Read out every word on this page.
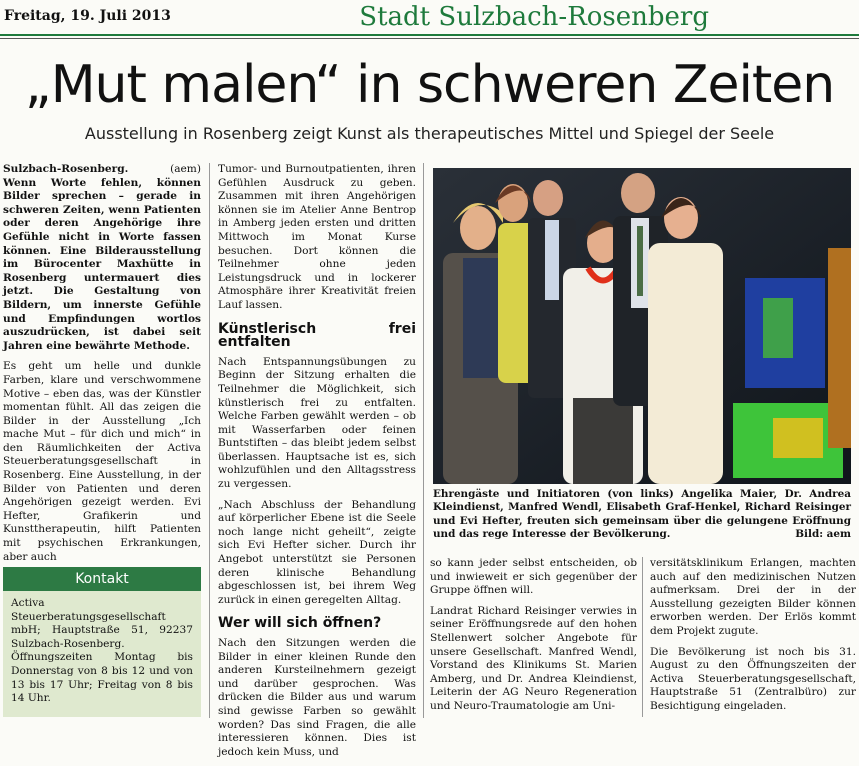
Freitag, 19. Juli 2013	Stadt Sulzbach-Rosenberg
„Mut malen“ in schweren Zeiten
Ausstellung in Rosenberg zeigt Kunst als therapeutisches Mittel und Spiegel der Seele

Sulzbach-Rosenberg.	(aem)

Wenn Worte fehlen, können Bilder sprechen – gerade in schweren Zeiten, wenn Patienten oder deren Angehörige ihre Gefühle nicht in Worte fassen können. Eine Bilderausstellung im Bürocenter Maxhütte in Rosenberg untermauert dies jetzt. Die Gestaltung von Bildern, um innerste Gefühle und Empfindungen wortlos auszudrücken, ist dabei seit Jahren eine bewährte Methode.

Es geht um helle und dunkle Farben, klare und verschwommene Motive – eben das, was der Künstler momentan fühlt. All das zeigen die Bilder in der Ausstellung „Ich mache Mut – für dich und mich“ in den Räumlichkeiten der Activa Steuerberatungsgesellschaft in Rosenberg. Eine Ausstellung, in der Bilder von Patienten und deren Angehörigen gezeigt werden. Evi Hefter, Grafikerin und Kunsttherapeutin, hilft Patienten mit psychischen Erkrankungen, aber auch

Kontakt
Activa Steuerberatungsgesellschaft mbH; Hauptstraße 51, 92237 Sulzbach-Rosenberg. Öffnungszeiten Montag bis Donnerstag von 8 bis 12 und von 13 bis 17 Uhr; Freitag von 8 bis 14 Uhr.

Tumor- und Burnoutpatienten, ihren Gefühlen Ausdruck zu geben. Zusammen mit ihren Angehörigen können sie im Atelier Anne Bentrop in Amberg jeden ersten und dritten Mittwoch im Monat Kurse besuchen. Dort können die Teilnehmer ohne jeden Leistungsdruck und in lockerer Atmosphäre ihrer Kreativität freien Lauf lassen.

Künstlerisch frei entfalten

Nach Entspannungsübungen zu Beginn der Sitzung erhalten die Teilnehmer die Möglichkeit, sich künstlerisch frei zu entfalten. Welche Farben gewählt werden – ob mit Wasserfarben oder feinen Buntstiften – das bleibt jedem selbst überlassen. Hauptsache ist es, sich wohlzufühlen und den Alltagsstress zu vergessen.

„Nach Abschluss der Behandlung auf körperlicher Ebene ist die Seele noch lange nicht geheilt“, zeigte sich Evi Hefter sicher. Durch ihr Angebot unterstützt sie Personen deren klinische Behandlung abgeschlossen ist, bei ihrem Weg zurück in einen geregelten Alltag.

Wer will sich öffnen?

Nach den Sitzungen werden die Bilder in einer kleinen Runde den anderen Kursteilnehmern gezeigt und darüber gesprochen. Was drücken die Bilder aus und warum sind gewisse Farben so gewählt worden? Das sind Fragen, die alle interessieren können. Dies ist jedoch kein Muss, und

Ehrengäste und Initiatoren (von links) Angelika Maier, Dr. Andrea Kleindienst, Manfred Wendl, Elisabeth Graf-Henkel, Richard Reisinger und Evi Hefter, freuten sich gemeinsam über die gelungene Eröffnung und das rege Interesse der Bevölkerung.	Bild: aem

so kann jeder selbst entscheiden, ob und inwieweit er sich gegenüber der Gruppe öffnen will.

Landrat Richard Reisinger verwies in seiner Eröffnungsrede auf den hohen Stellenwert solcher Angebote für unsere Gesellschaft. Manfred Wendl, Vorstand des Klinikums St. Marien Amberg, und Dr. Andrea Kleindienst, Leiterin der AG Neuro Regeneration und Neuro-Traumatologie am Uni-

versitätsklinikum Erlangen, machten auch auf den medizinischen Nutzen aufmerksam. Drei der in der Ausstellung gezeigten Bilder können erworben werden. Der Erlös kommt dem Projekt zugute.

Die Bevölkerung ist noch bis 31. August zu den Öffnungszeiten der Activa Steuerberatungsgesellschaft, Hauptstraße 51 (Zentralbüro) zur Besichtigung eingeladen.
